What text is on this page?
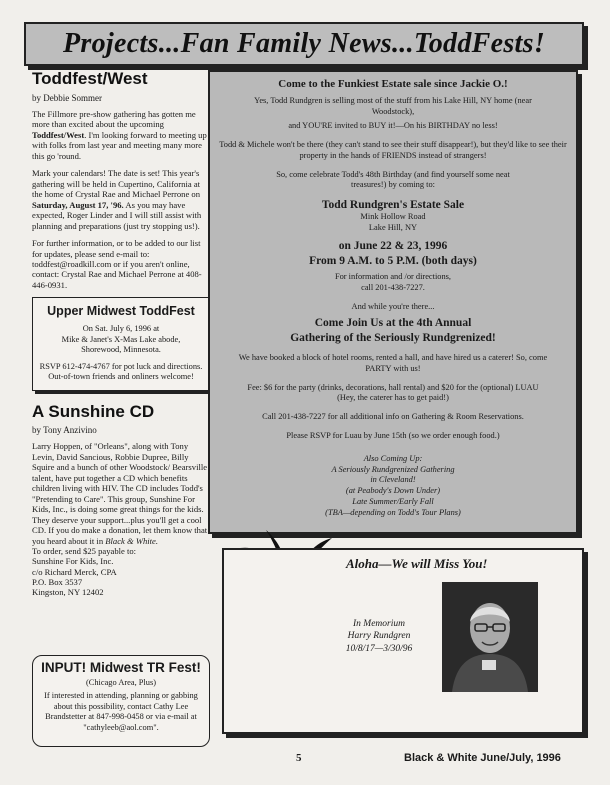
Projects...Fan Family News...ToddFests!
Toddfest/West
by Debbie Sommer

The Fillmore pre-show gathering has gotten me more than excited about the upcoming Toddfest/West. I'm looking forward to meeting up with folks from last year and meeting many more this go 'round.

Mark your calendars! The date is set! This year's gathering will be held in Cupertino, California at the home of Crystal Rae and Michael Perrone on Saturday, August 17, '96. As you may have expected, Roger Linder and I will still assist with planning and preparations (just try stopping us!).

For further information, or to be added to our list for updates, please send e-mail to: toddfest@roadkill.com or if you aren't online, contact: Crystal Rae and Michael Perrone at 408-446-0931.

Upper Midwest ToddFest
On Sat. July 6, 1996 at
Mike & Janet's X-Mas Lake abode,
Shorewood, Minnesota.
RSVP 612-474-4767 for pot luck and directions.
Out-of-town friends and onliners welcome!
A Sunshine CD
by Tony Anzivino

Larry Hoppen, of "Orleans", along with Tony Levin, David Sancious, Robbie Dupree, Billy Squire and a bunch of other Woodstock/ Bearsville talent, have put together a CD which benefits children living with HIV. The CD includes Todd's "Pretending to Care". This group, Sunshine For Kids, Inc., is doing some great things for the kids. They deserve your support...plus you'll get a cool CD. If you do make a donation, let them know that you heard about it in Black & White.

To order, send $25 payable to:
Sunshine For Kids, Inc.
c/o Richard Merck, CPA
P.O. Box 3537
Kingston, NY 12402
INPUT! Midwest TR Fest!
(Chicago Area, Plus)
If interested in attending, planning or gabbing about this possibility, contact Cathy Lee Brandstetter at 847-998-0458 or via e-mail at "cathyleeb@aol.com".
Come to the Funkiest Estate sale since Jackie O.!
Yes, Todd Rundgren is selling most of the stuff from his Lake Hill, NY home (near Woodstock),
and YOU'RE invited to BUY it!—On his BIRTHDAY no less!
Todd & Michele won't be there (they can't stand to see their stuff disappear!), but they'd like to see their property in the hands of FRIENDS instead of strangers!
So, come celebrate Todd's 48th Birthday (and find yourself some neat treasures!) by coming to:
Todd Rundgren's Estate Sale
Mink Hollow Road
Lake Hill, NY
on June 22 & 23, 1996
From 9 A.M. to 5 P.M. (both days)
For information and /or directions,
call 201-438-7227.
And while you're there...
Come Join Us at the 4th Annual
Gathering of the Seriously Rundgrenized!
We have booked a block of hotel rooms, rented a hall, and have hired us a caterer! So, come PARTY with us!
Fee: $6 for the party (drinks, decorations, hall rental) and $20 for the (optional) LUAU (Hey, the caterer has to get paid!)
Call 201-438-7227 for all additional info on Gathering & Room Reservations.
Please RSVP for Luau by June 15th (so we order enough food.)
Also Coming Up:
A Seriously Rundgrenized Gathering
in Cleveland!
(at Peabody's Down Under)
Late Summer/Early Fall
(TBA—depending on Todd's Tour Plans)
Aloha—We will Miss You!
In Memorium
Harry Rundgren
10/8/17—3/30/96
5	Black & White June/July, 1996
